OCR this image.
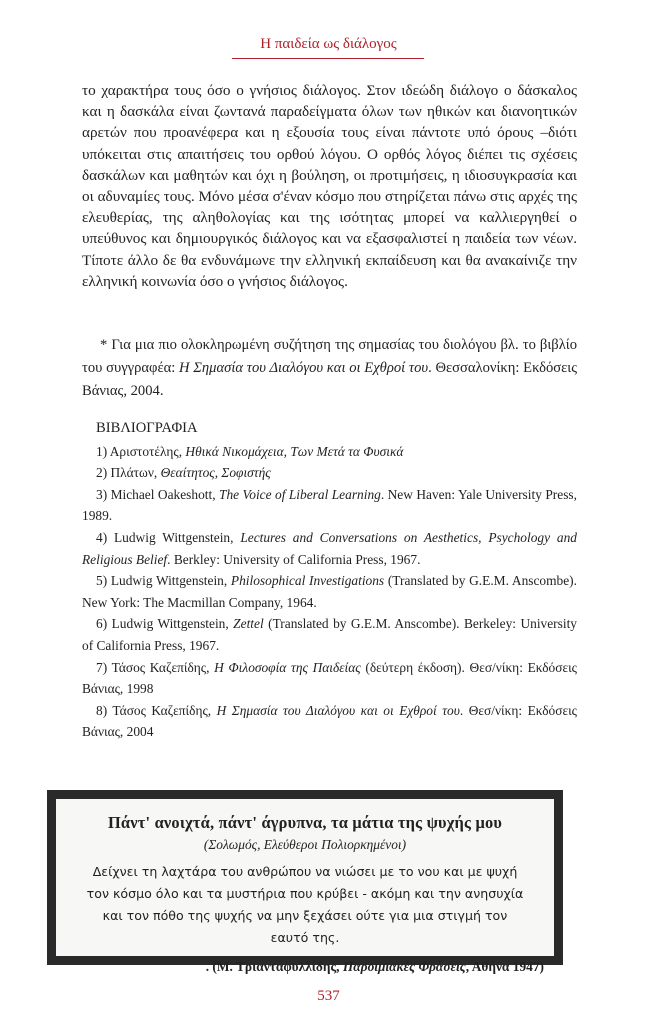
Η παιδεία ως διάλογος

το χαρακτήρα τους όσο ο γνήσιος διάλογος. Στον ιδεώδη διάλογο ο δάσκαλος και η δασκάλα είναι ζωντανά παραδείγματα όλων των ηθικών και διανοητικών αρετών που προανέφερα και η εξουσία τους είναι πάντοτε υπό όρους –διότι υπόκειται στις απαιτήσεις του ορθού λόγου. Ο ορθός λόγος διέπει τις σχέσεις δασκάλων και μαθητών και όχι η βούληση, οι προτιμήσεις, η ιδιοσυγκρασία και οι αδυναμίες τους. Μόνο μέσα σ'έναν κόσμο που στηρίζεται πάνω στις αρχές της ελευθερίας, της αληθολογίας και της ισότητας μπορεί να καλλιεργηθεί ο υπεύθυνος και δημιουργικός διάλογος και να εξασφαλιστεί η παιδεία των νέων. Τίποτε άλλο δε θα ενδυνάμωνε την ελληνική εκπαίδευση και θα ανακαίνιζε την ελληνική κοινωνία όσο ο γνήσιος διάλογος.

* Για μια πιο ολοκληρωμένη συζήτηση της σημασίας του διολόγου βλ. το βιβλίο του συγγραφέα: Η Σημασία του Διαλόγου και οι Εχθροί του. Θεσσαλονίκη: Εκδόσεις Βάνιας, 2004.

ΒΙΒΛΙΟΓΡΑΦΙΑ
1) Αριστοτέλης, Ηθικά Νικομάχεια, Των Μετά τα Φυσικά
2) Πλάτων, Θεαίτητος, Σοφιστής
3) Michael Oakeshott, The Voice of Liberal Learning. New Haven: Yale University Press, 1989.
4) Ludwig Wittgenstein, Lectures and Conversations on Aesthetics, Psychology and Religious Belief. Berkley: University of California Press, 1967.
5) Ludwig Wittgenstein, Philosophical Investigations (Translated by G.E.M. Anscombe). New York: The Macmillan Company, 1964.
6) Ludwig Wittgenstein, Zettel (Translated by G.E.M. Anscombe). Berkeley: University of California Press, 1967.
7) Τάσος Καζεπίδης, Η Φιλοσοφία της Παιδείας (δεύτερη έκδοση). Θεσ/νίκη: Εκδόσεις Βάνιας, 1998
8) Τάσος Καζεπίδης, Η Σημασία του Διαλόγου και οι Εχθροί του. Θεσ/νίκη: Εκδόσεις Βάνιας, 2004
Πάντ' ανοιχτά, πάντ' άγρυπνα, τα μάτια της ψυχής μου
(Σολωμός, Ελεύθεροι Πολιορκημένοι)
Δείχνει τη λαχτάρα του ανθρώπου να νιώσει με το νου και με ψυχή τον κόσμο όλο και τα μυστήρια που κρύβει - ακόμη και την ανησυχία και τον πόθο της ψυχής να μην ξεχάσει ούτε για μια στιγμή τον εαυτό της.
. (Μ. Τριανταφυλλίδης, Παροιμιακές Φράσεις, Αθήνα 1947)
537
